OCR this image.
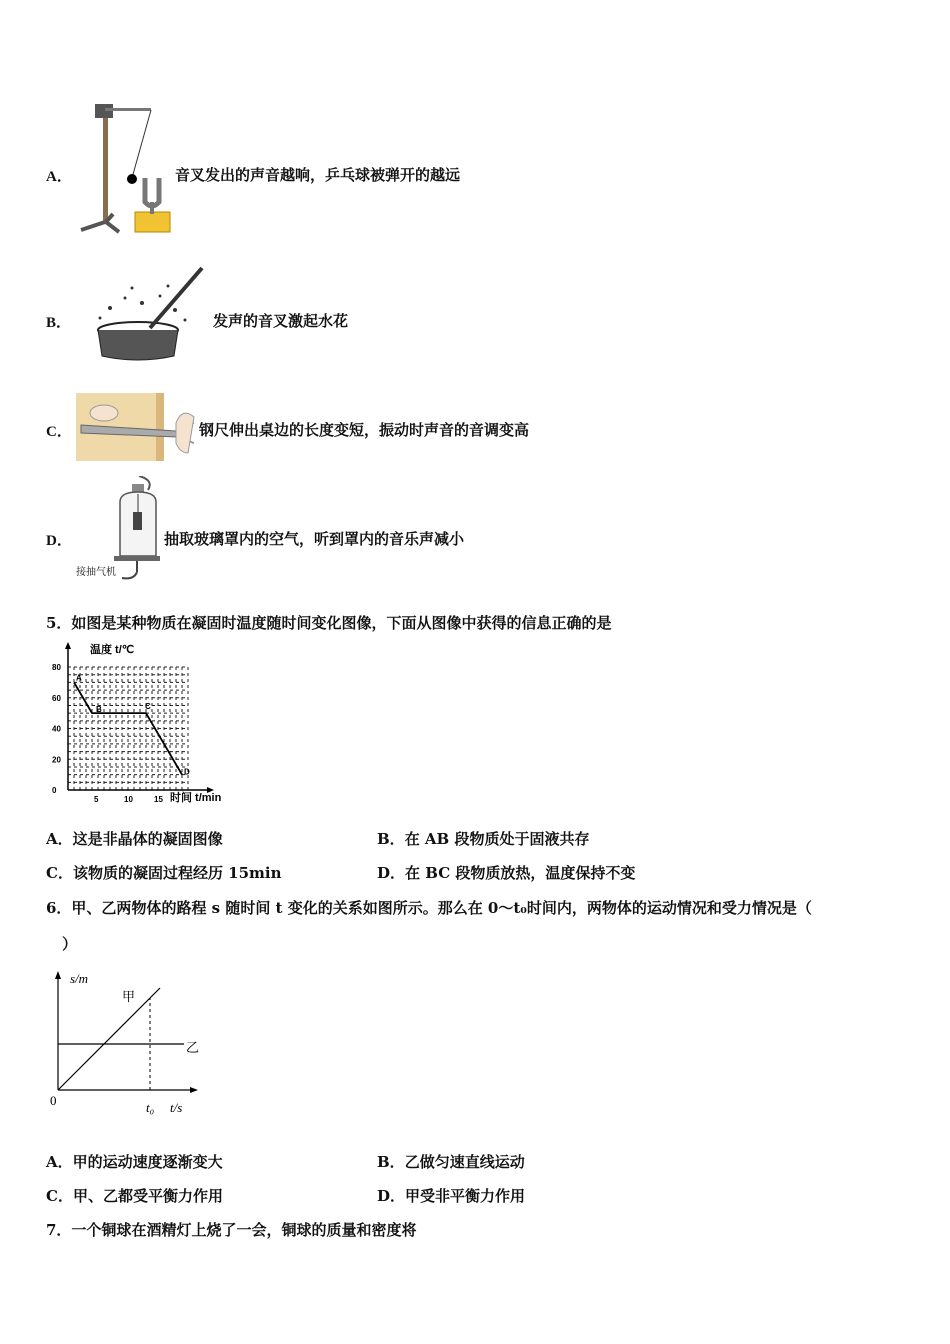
A．	音叉发出的声音越响，乒乓球被弹开的越远
B．	发声的音叉激起水花
C．	钢尺伸出桌边的长度变短，振动时声音的音调变高
D．
接抽气机
抽取玻璃罩内的空气，听到罩内的音乐声减小
5．如图是某种物质在凝固时温度随时间变化图像，下面从图像中获得的信息正确的是
0
20
40
60
80
5	10	15
A
B	C
D
温度 t/℃
时间 t/min
A．这是非晶体的凝固图像	B．在 AB 段物质处于固液共存
C．该物质的凝固过程经历 15min	D．在 BC 段物质放热，温度保持不变
6．甲、乙两物体的路程 s 随时间 t 变化的关系如图所示。那么在 0～t₀时间内，两物体的运动情况和受力情况是（
）
s/m
t/s
0	t₀
甲
乙
A．甲的运动速度逐渐变大	B．乙做匀速直线运动
C．甲、乙都受平衡力作用	D．甲受非平衡力作用
7．一个铜球在酒精灯上烧了一会，铜球的质量和密度将
